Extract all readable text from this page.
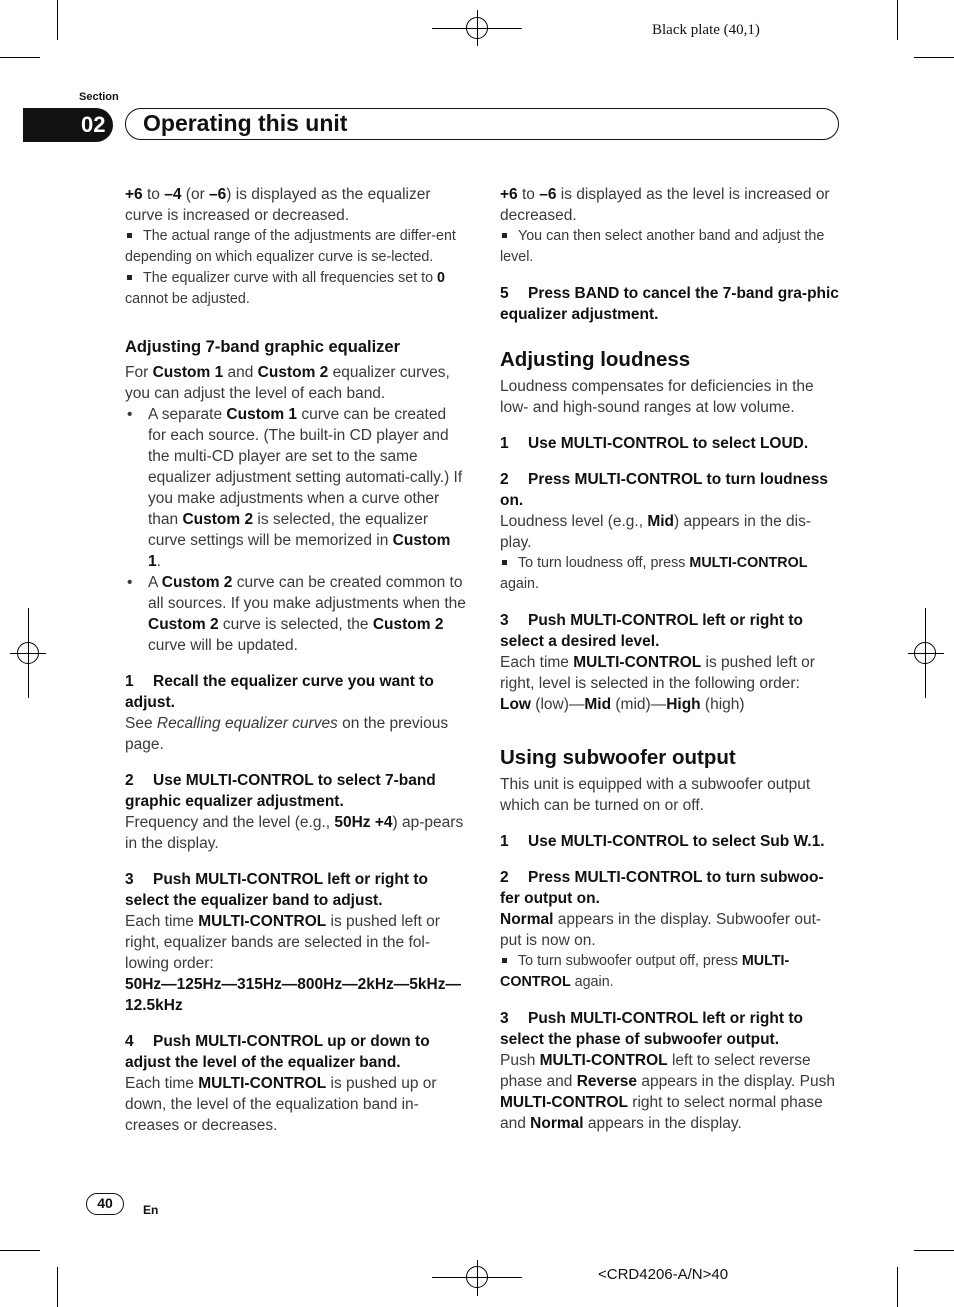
Black plate (40,1)
Section
02	Operating this unit

+6 to –4 (or –6) is displayed as the equalizer curve is increased or decreased.

The actual range of the adjustments are differ-ent depending on which equalizer curve is se-lected.

The equalizer curve with all frequencies set to 0 cannot be adjusted.

Adjusting 7-band graphic equalizer

For Custom 1 and Custom 2 equalizer curves, you can adjust the level of each band.

• A separate Custom 1 curve can be created for each source. (The built-in CD player and the multi-CD player are set to the same equalizer adjustment setting automati-cally.) If you make adjustments when a curve other than Custom 2 is selected, the equalizer curve settings will be memorized in Custom 1.

• A Custom 2 curve can be created common to all sources. If you make adjustments when the Custom 2 curve is selected, the Custom 2 curve will be updated.

1 Recall the equalizer curve you want to adjust.

See Recalling equalizer curves on the previous page.

2 Use MULTI-CONTROL to select 7-band graphic equalizer adjustment.

Frequency and the level (e.g., 50Hz +4) ap-pears in the display.

3 Push MULTI-CONTROL left or right to select the equalizer band to adjust.

Each time MULTI-CONTROL is pushed left or right, equalizer bands are selected in the fol-lowing order:

50Hz—125Hz—315Hz—800Hz—2kHz—5kHz—12.5kHz

4 Push MULTI-CONTROL up or down to adjust the level of the equalizer band.

Each time MULTI-CONTROL is pushed up or down, the level of the equalization band in-creases or decreases.

+6 to –6 is displayed as the level is increased or decreased.

You can then select another band and adjust the level.

5 Press BAND to cancel the 7-band gra-phic equalizer adjustment.

Adjusting loudness

Loudness compensates for deficiencies in the low- and high-sound ranges at low volume.

1 Use MULTI-CONTROL to select LOUD.

2 Press MULTI-CONTROL to turn loudness on.

Loudness level (e.g., Mid) appears in the dis-play.

To turn loudness off, press MULTI-CONTROL again.

3 Push MULTI-CONTROL left or right to select a desired level.

Each time MULTI-CONTROL is pushed left or right, level is selected in the following order:

Low (low)—Mid (mid)—High (high)

Using subwoofer output

This unit is equipped with a subwoofer output which can be turned on or off.

1 Use MULTI-CONTROL to select Sub W.1.

2 Press MULTI-CONTROL to turn subwoo-fer output on.

Normal appears in the display. Subwoofer out-put is now on.

To turn subwoofer output off, press MULTI-CONTROL again.

3 Push MULTI-CONTROL left or right to select the phase of subwoofer output.

Push MULTI-CONTROL left to select reverse phase and Reverse appears in the display. Push MULTI-CONTROL right to select normal phase and Normal appears in the display.

40	En
<CRD4206-A/N>40
